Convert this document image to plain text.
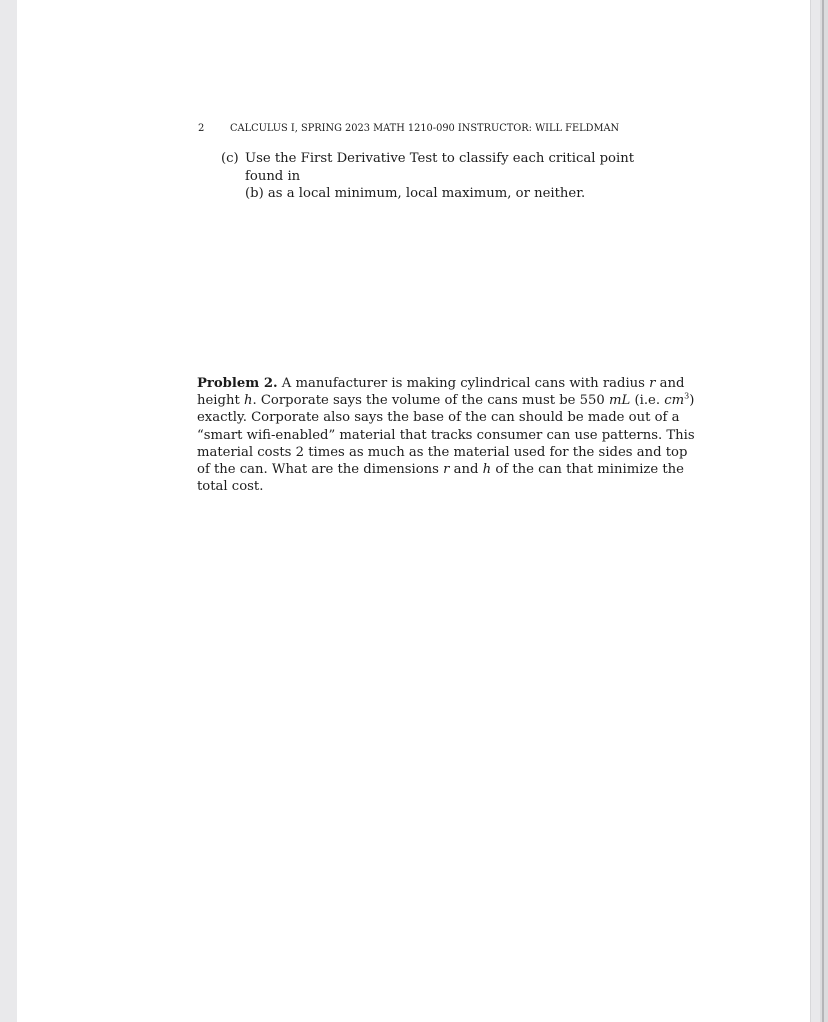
2	CALCULUS I, SPRING 2023 MATH 1210-090 INSTRUCTOR: WILL FELDMAN
(c) Use the First Derivative Test to classify each critical point found in
(b) as a local minimum, local maximum, or neither.
Problem 2. A manufacturer is making cylindrical cans with radius r and
height h. Corporate says the volume of the cans must be 550 mL (i.e. $cm^3$)
exactly. Corporate also says the base of the can should be made out of a
“smart wifi-enabled” material that tracks consumer can use patterns. This
material costs 2 times as much as the material used for the sides and top
of the can. What are the dimensions r and h of the can that minimize the
total cost.
